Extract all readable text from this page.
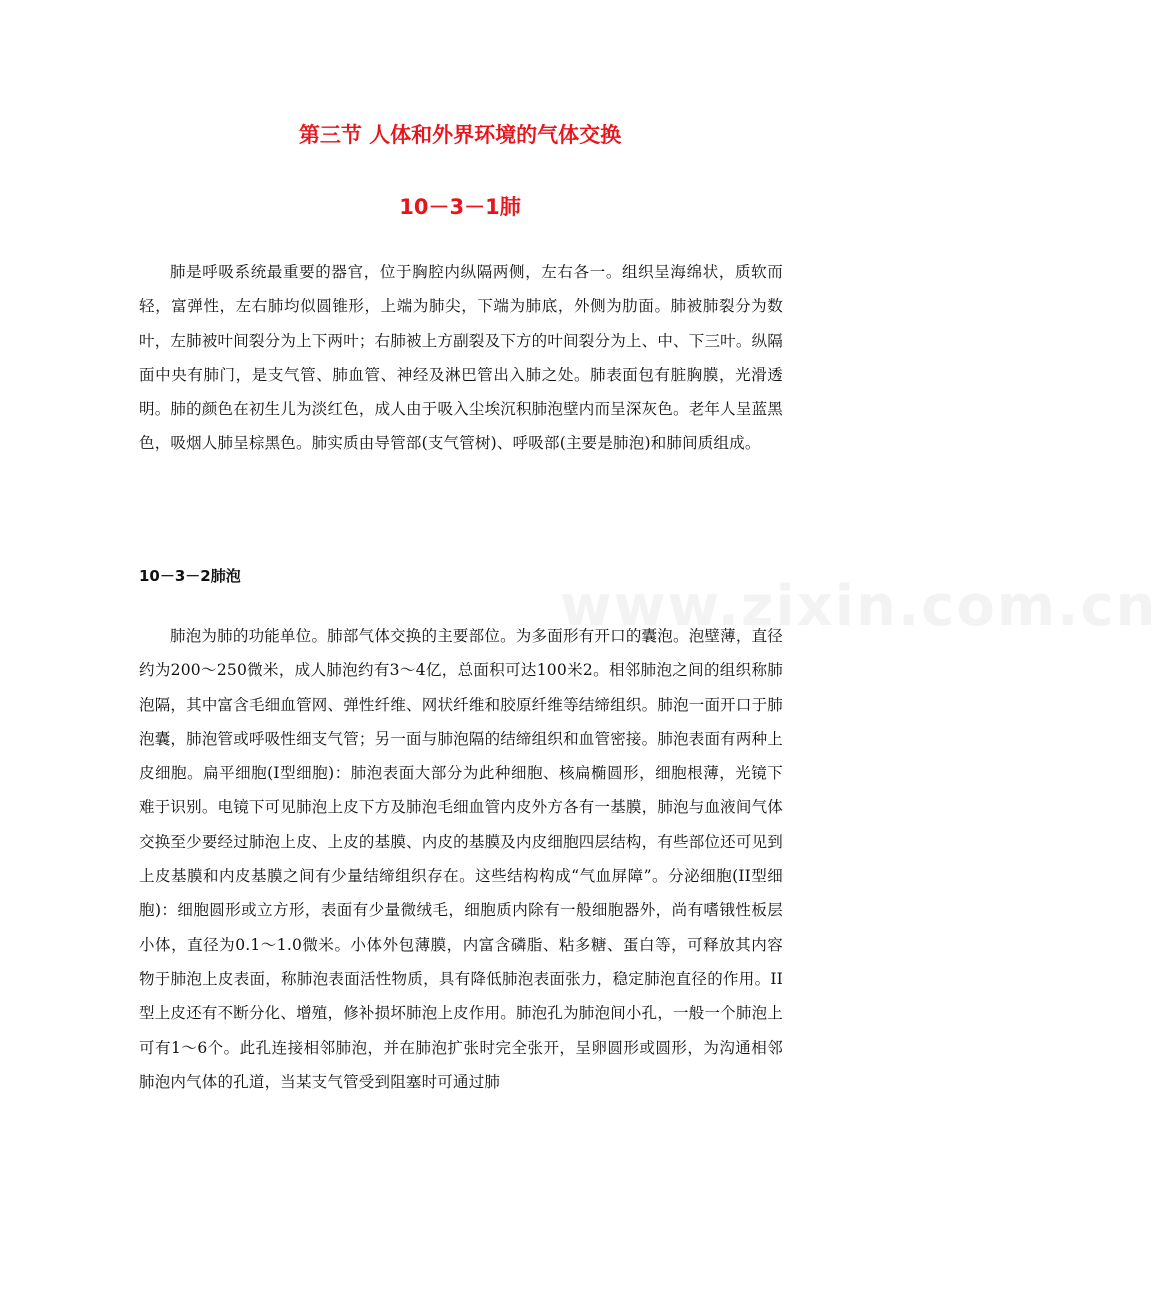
第三节 人体和外界环境的气体交换
10－3－1肺

肺是呼吸系统最重要的器官，位于胸腔内纵隔两侧，左右各一。组织呈海绵状，质软而轻，富弹性，左右肺均似圆锥形，上端为肺尖，下端为肺底，外侧为肋面。肺被肺裂分为数叶，左肺被叶间裂分为上下两叶；右肺被上方副裂及下方的叶间裂分为上、中、下三叶。纵隔面中央有肺门，是支气管、肺血管、神经及淋巴管出入肺之处。肺表面包有脏胸膜，光滑透明。肺的颜色在初生儿为淡红色，成人由于吸入尘埃沉积肺泡壁内而呈深灰色。老年人呈蓝黑色，吸烟人肺呈棕黑色。肺实质由导管部(支气管树)、呼吸部(主要是肺泡)和肺间质组成。

10－3－2肺泡	www.zixin.com.cn

肺泡为肺的功能单位。肺部气体交换的主要部位。为多面形有开口的囊泡。泡壁薄，直径约为200～250微米，成人肺泡约有3～4亿，总面积可达100米2。相邻肺泡之间的组织称肺泡隔，其中富含毛细血管网、弹性纤维、网状纤维和胶原纤维等结缔组织。肺泡一面开口于肺泡囊，肺泡管或呼吸性细支气管；另一面与肺泡隔的结缔组织和血管密接。肺泡表面有两种上皮细胞。扁平细胞(I型细胞)：肺泡表面大部分为此种细胞、核扁椭圆形，细胞根薄，光镜下难于识别。电镜下可见肺泡上皮下方及肺泡毛细血管内皮外方各有一基膜，肺泡与血液间气体交换至少要经过肺泡上皮、上皮的基膜、内皮的基膜及内皮细胞四层结构，有些部位还可见到上皮基膜和内皮基膜之间有少量结缔组织存在。这些结构构成“气血屏障”。分泌细胞(II型细胞)：细胞圆形或立方形，表面有少量微绒毛，细胞质内除有一般细胞器外，尚有嗜锇性板层小体，直径为0.1～1.0微米。小体外包薄膜，内富含磷脂、粘多糖、蛋白等，可释放其内容物于肺泡上皮表面，称肺泡表面活性物质，具有降低肺泡表面张力，稳定肺泡直径的作用。II型上皮还有不断分化、增殖，修补损坏肺泡上皮作用。肺泡孔为肺泡间小孔，一般一个肺泡上可有1～6个。此孔连接相邻肺泡，并在肺泡扩张时完全张开，呈卵圆形或圆形，为沟通相邻肺泡内气体的孔道，当某支气管受到阻塞时可通过肺
